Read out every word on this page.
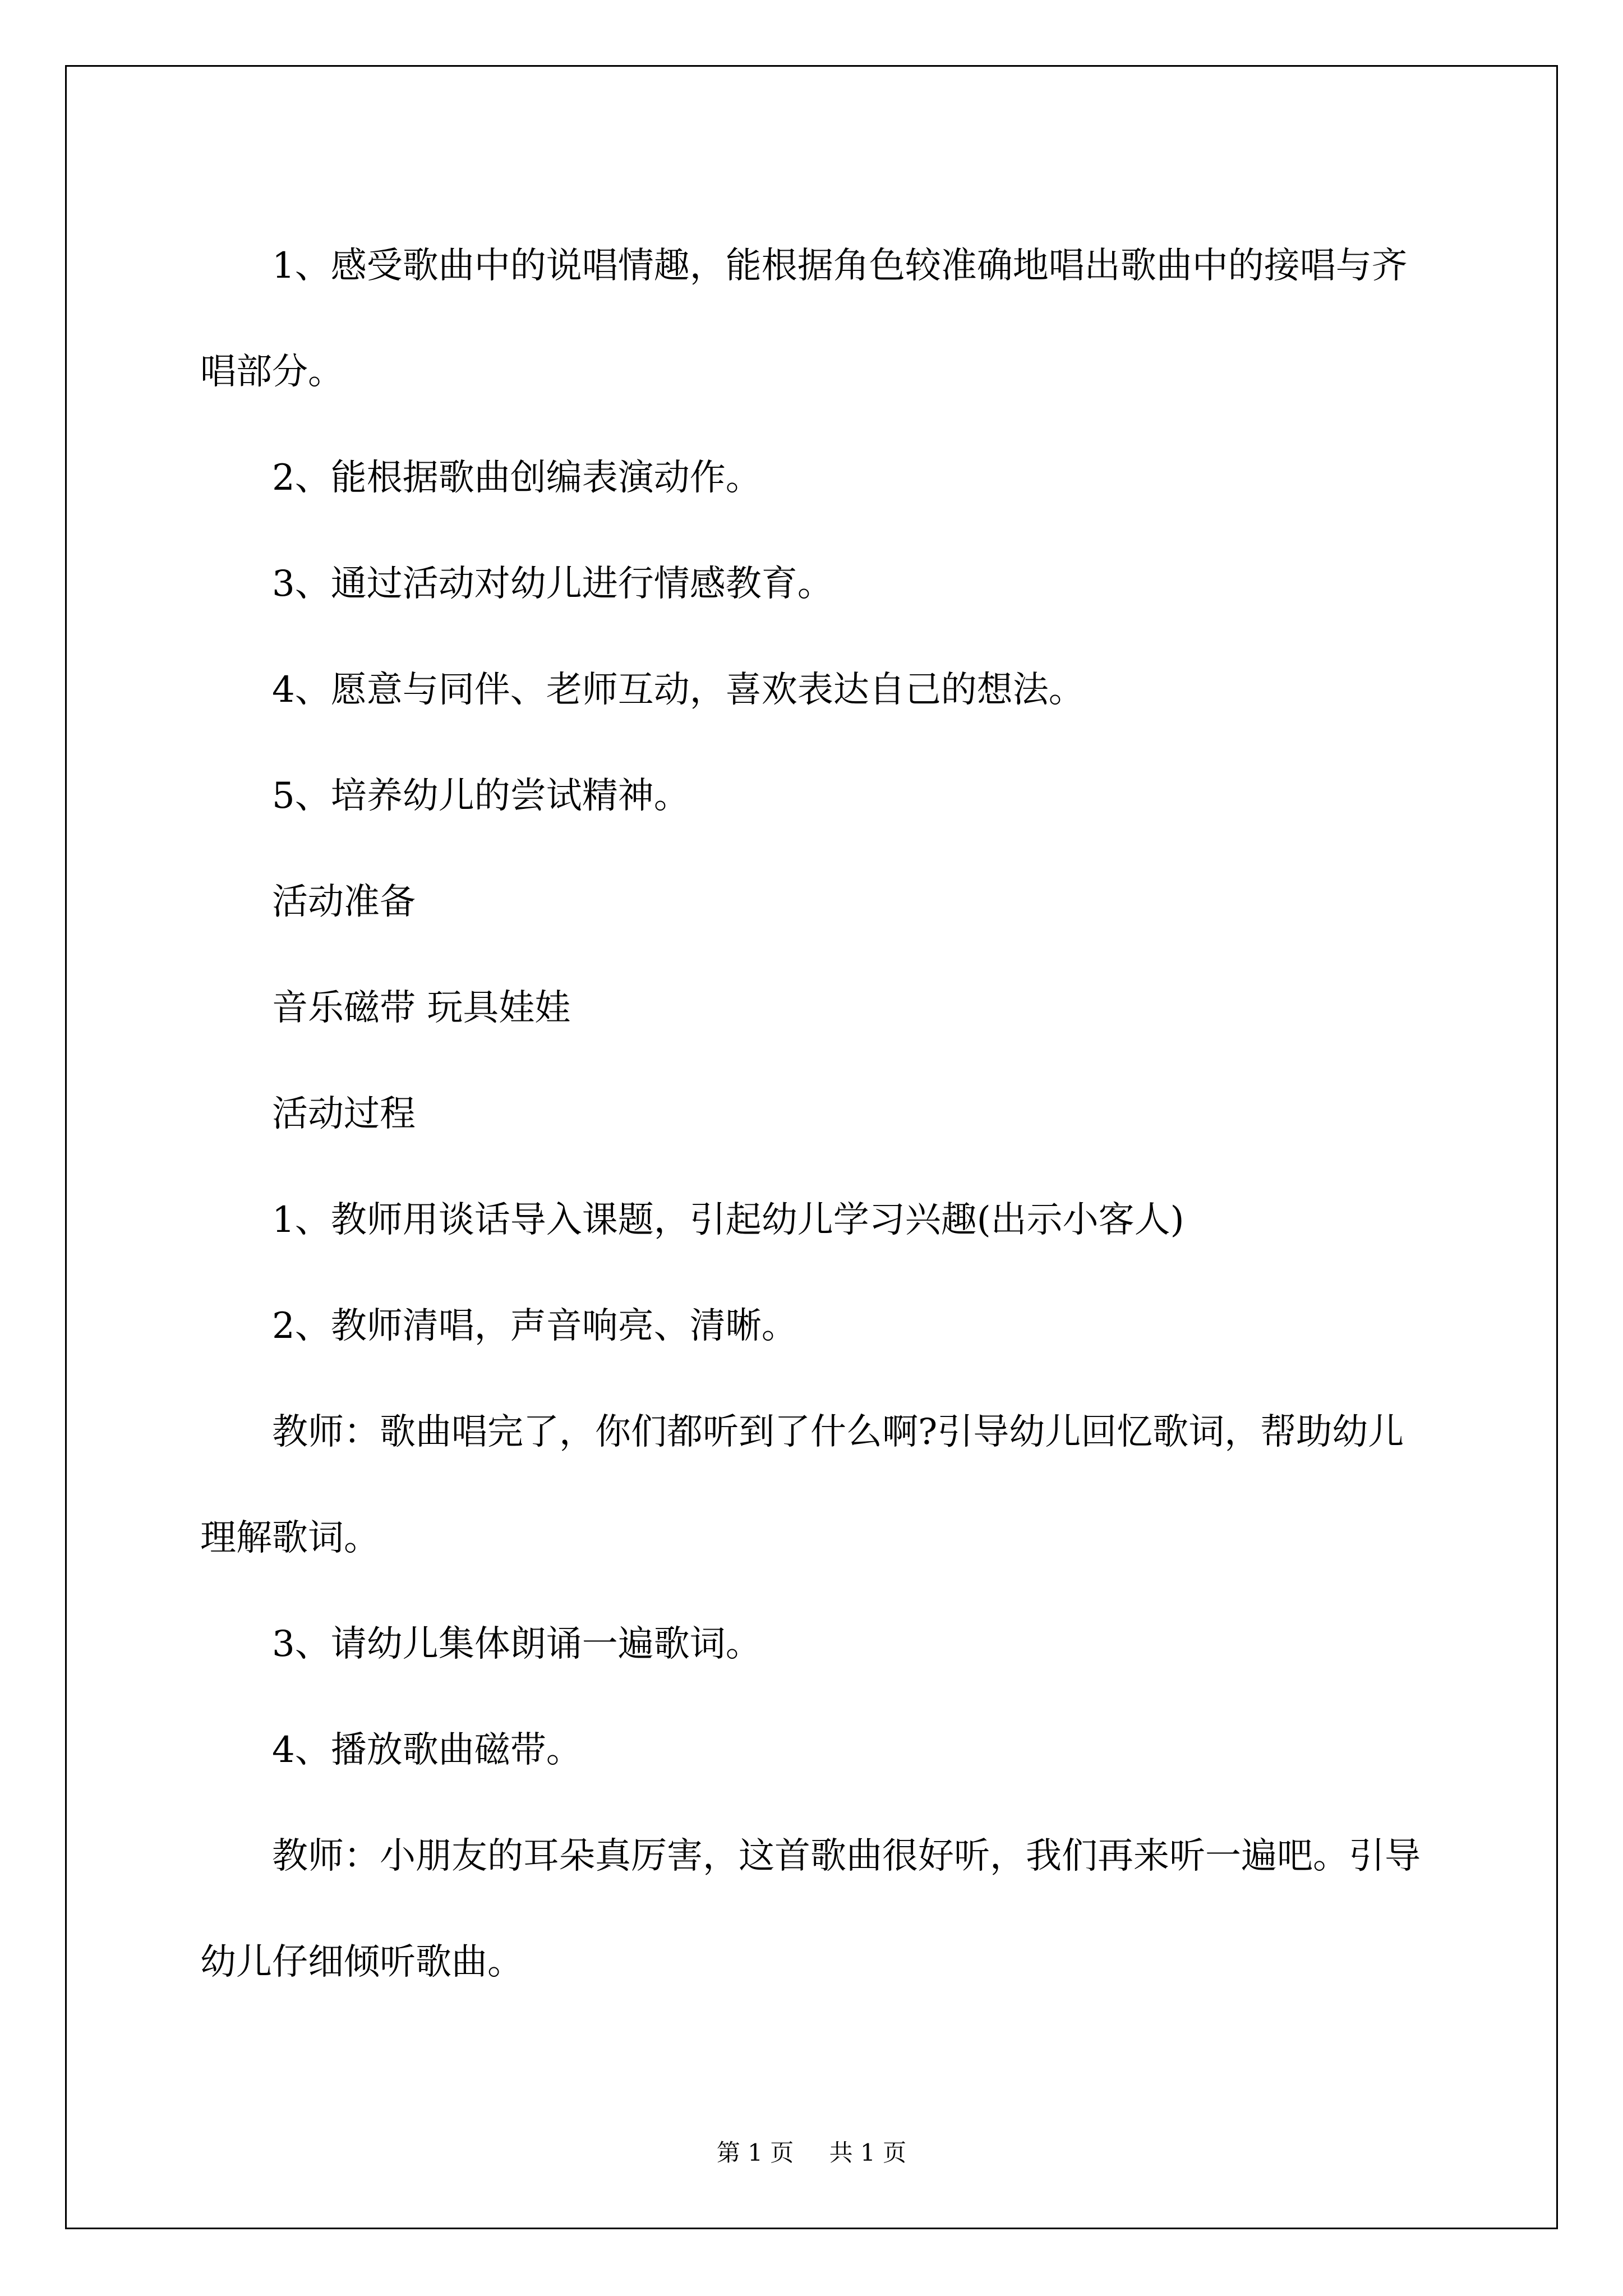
1、感受歌曲中的说唱情趣，能根据角色较准确地唱出歌曲中的接唱与齐唱部分。

2、能根据歌曲创编表演动作。

3、通过活动对幼儿进行情感教育。

4、愿意与同伴、老师互动，喜欢表达自己的想法。

5、培养幼儿的尝试精神。

活动准备

音乐磁带 玩具娃娃

活动过程

1、教师用谈话导入课题，引起幼儿学习兴趣(出示小客人)

2、教师清唱，声音响亮、清晰。

教师：歌曲唱完了，你们都听到了什么啊?引导幼儿回忆歌词，帮助幼儿理解歌词。

3、请幼儿集体朗诵一遍歌词。

4、播放歌曲磁带。

教师：小朋友的耳朵真厉害，这首歌曲很好听，我们再来听一遍吧。引导幼儿仔细倾听歌曲。

第 1 页 共 1 页
